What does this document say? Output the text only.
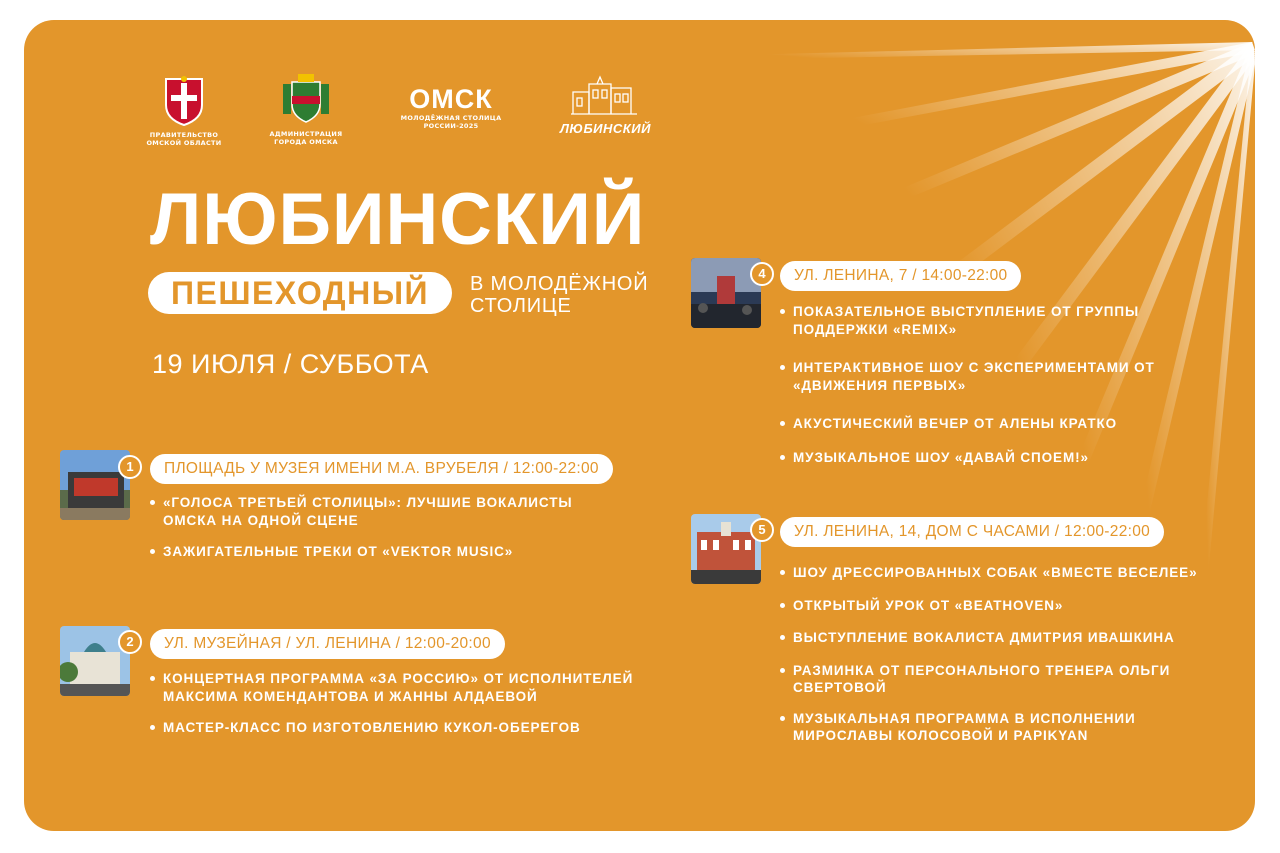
ПРАВИТЕЛЬСТВО
ОМСКОЙ ОБЛАСТИ
АДМИНИСТРАЦИЯ
ГОРОДА ОМСКА
ОМСК
МОЛОДЁЖНАЯ СТОЛИЦА
РОССИИ-2025	ЛЮБИНСКИЙ
ЛЮБИНСКИЙ
ПЕШЕХОДНЫЙ	В МОЛОДЁЖНОЙ
СТОЛИЦЕ
19 ИЮЛЯ / СУББОТА
1	ПЛОЩАДЬ У МУЗЕЯ ИМЕНИ М.А. ВРУБЕЛЯ / 12:00-22:00
«ГОЛОСА ТРЕТЬЕЙ СТОЛИЦЫ»: ЛУЧШИЕ ВОКАЛИСТЫ ОМСКА НА ОДНОЙ СЦЕНЕ
ЗАЖИГАТЕЛЬНЫЕ ТРЕКИ ОТ «VEKTOR MUSIC»
2	УЛ. МУЗЕЙНАЯ / УЛ. ЛЕНИНА / 12:00-20:00
КОНЦЕРТНАЯ ПРОГРАММА «ЗА РОССИЮ» ОТ ИСПОЛНИТЕЛЕЙ МАКСИМА КОМЕНДАНТОВА И ЖАННЫ АЛДАЕВОЙ
МАСТЕР-КЛАСС ПО ИЗГОТОВЛЕНИЮ КУКОЛ-ОБЕРЕГОВ
4	УЛ. ЛЕНИНА, 7 / 14:00-22:00
ПОКАЗАТЕЛЬНОЕ ВЫСТУПЛЕНИЕ ОТ ГРУППЫ ПОДДЕРЖКИ «REMIX»
ИНТЕРАКТИВНОЕ ШОУ С ЭКСПЕРИМЕНТАМИ ОТ «ДВИЖЕНИЯ ПЕРВЫХ»
АКУСТИЧЕСКИЙ ВЕЧЕР ОТ АЛЕНЫ КРАТКО
МУЗЫКАЛЬНОЕ ШОУ «ДАВАЙ СПОЕМ!»
5	УЛ. ЛЕНИНА, 14, ДОМ С ЧАСАМИ / 12:00-22:00
ШОУ ДРЕССИРОВАННЫХ СОБАК «ВМЕСТЕ ВЕСЕЛЕЕ»
ОТКРЫТЫЙ УРОК ОТ «BEATHOVEN»
ВЫСТУПЛЕНИЕ ВОКАЛИСТА ДМИТРИЯ ИВАШКИНА
РАЗМИНКА ОТ ПЕРСОНАЛЬНОГО ТРЕНЕРА ОЛЬГИ СВЕРТОВОЙ
МУЗЫКАЛЬНАЯ ПРОГРАММА В ИСПОЛНЕНИИ МИРОСЛАВЫ КОЛОСОВОЙ И PAPIKYAN
